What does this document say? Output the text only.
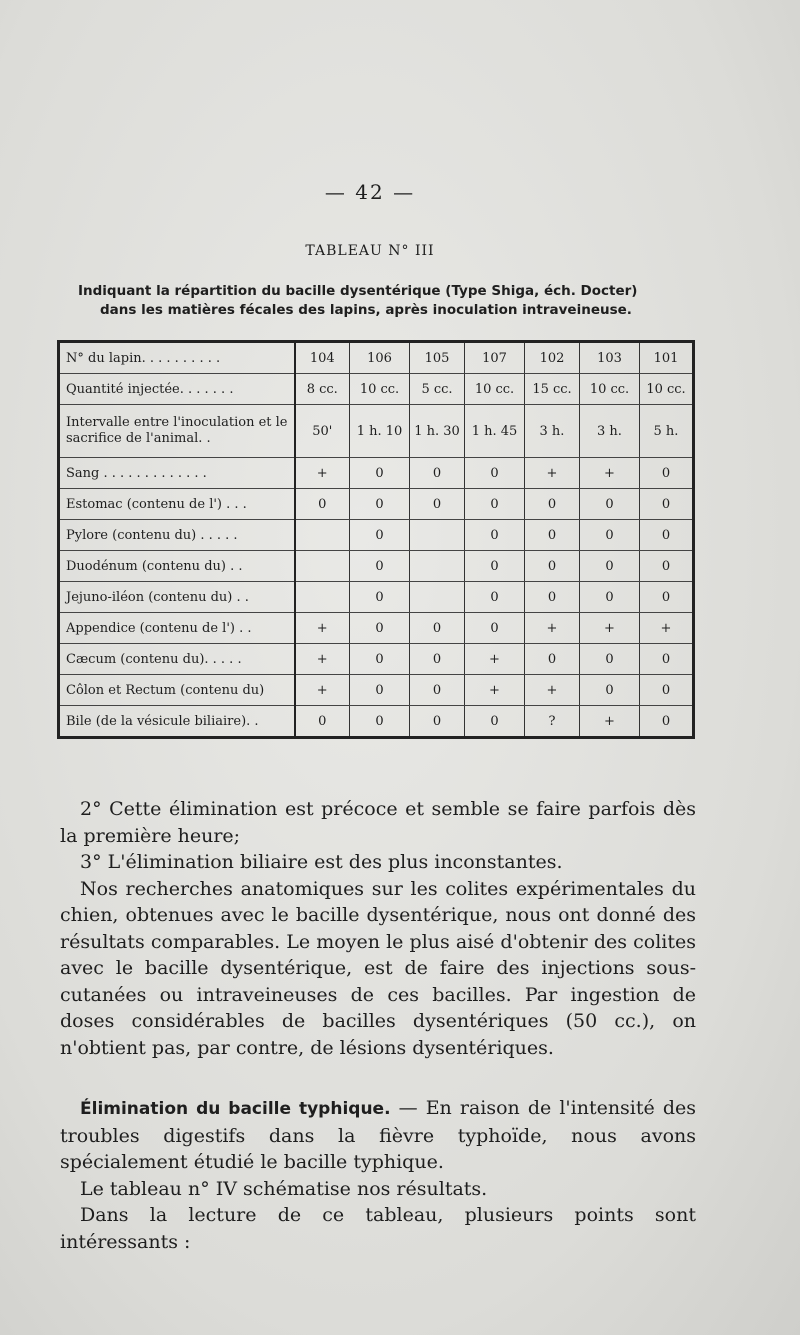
— 42 —
TABLEAU N° III
Indiquant la répartition du bacille dysentérique (Type Shiga, éch. Docter)
dans les matières fécales des lapins, après inoculation intraveineuse.
N° du lapin. . . . . . . . . .	104	106	105	107	102	103	101
Quantité injectée. . . . . . .	8 cc.	10 cc.	5 cc.	10 cc.	15 cc.	10 cc.	10 cc.
Intervalle entre l'inoculation et le sacrifice de l'animal. .	50'	1 h. 10	1 h. 30	1 h. 45	3 h.	3 h.	5 h.
Sang . . . . . . . . . . . . .	+	0	0	0	+	+	0
Estomac (contenu de l') . . .	0	0	0	0	0	0	0
Pylore (contenu du) . . . . .		0		0	0	0	0
Duodénum (contenu du) . .		0		0	0	0	0
Jejuno-iléon (contenu du) . .		0		0	0	0	0
Appendice (contenu de l') . .	+	0	0	0	+	+	+
Cæcum (contenu du). . . . .	+	0	0	+	0	0	0
Côlon et Rectum (contenu du)	+	0	0	+	+	0	0
Bile (de la vésicule biliaire). .	0	0	0	0	?	+	0

2° Cette élimination est précoce et semble se faire parfois dès la première heure;

3° L'élimination biliaire est des plus inconstantes.

Nos recherches anatomiques sur les colites expérimentales du chien, obtenues avec le bacille dysentérique, nous ont donné des résultats comparables. Le moyen le plus aisé d'obtenir des colites avec le bacille dysentérique, est de faire des injections sous-cutanées ou intraveineuses de ces bacilles. Par ingestion de doses considérables de bacilles dysentériques (50 cc.), on n'obtient pas, par contre, de lésions dysentériques.

Élimination du bacille typhique. — En raison de l'intensité des troubles digestifs dans la fièvre typhoïde, nous avons spécialement étudié le bacille typhique.

Le tableau n° IV schématise nos résultats.

Dans la lecture de ce tableau, plusieurs points sont intéressants :
